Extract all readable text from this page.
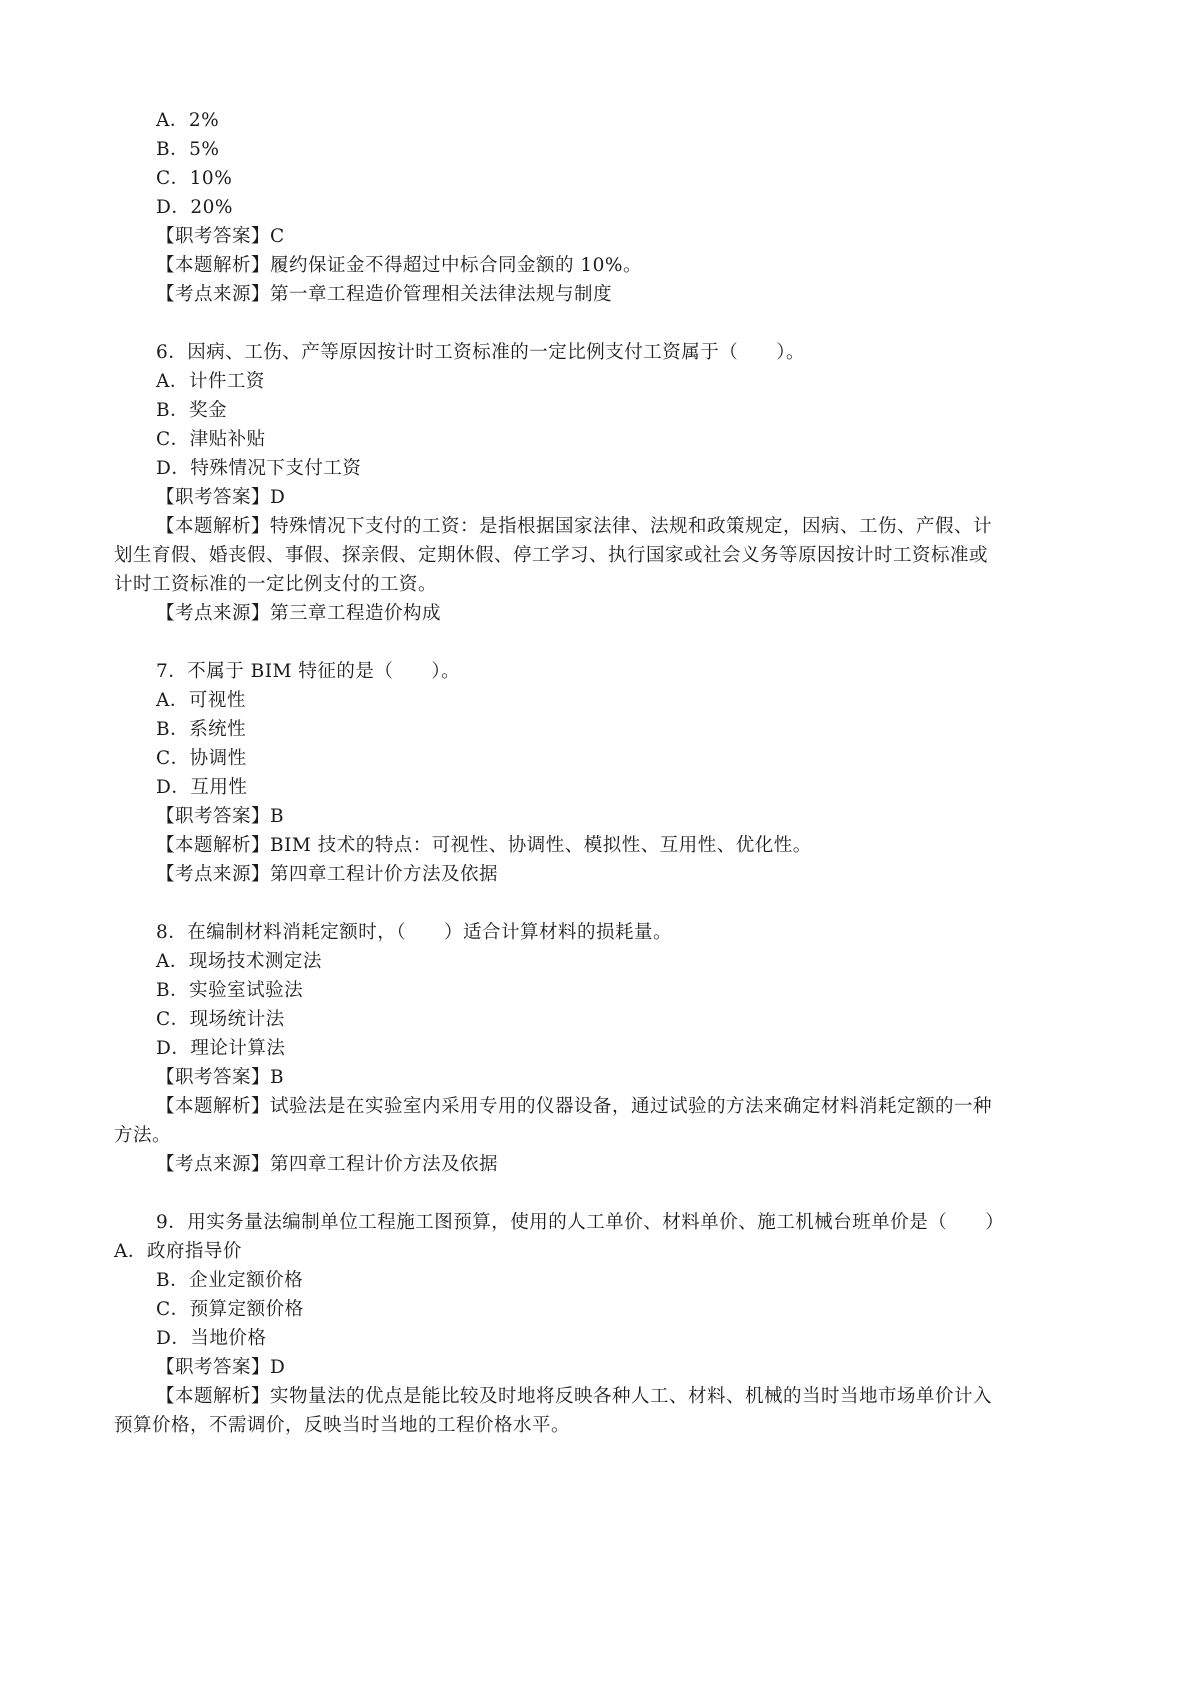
A．2%
B．5%
C．10%
D．20%
【职考答案】C
【本题解析】履约保证金不得超过中标合同金额的 10%。
【考点来源】第一章工程造价管理相关法律法规与制度
6．因病、工伤、产等原因按计时工资标准的一定比例支付工资属于（　　）。
A．计件工资
B．奖金
C．津贴补贴
D．特殊情况下支付工资
【职考答案】D
【本题解析】特殊情况下支付的工资：是指根据国家法律、法规和政策规定，因病、工伤、产假、计
划生育假、婚丧假、事假、探亲假、定期休假、停工学习、执行国家或社会义务等原因按计时工资标准或
计时工资标准的一定比例支付的工资。
【考点来源】第三章工程造价构成
7．不属于 BIM 特征的是（　　）。
A．可视性
B．系统性
C．协调性
D．互用性
【职考答案】B
【本题解析】BIM 技术的特点：可视性、协调性、模拟性、互用性、优化性。
【考点来源】第四章工程计价方法及依据
8．在编制材料消耗定额时，（　　）适合计算材料的损耗量。
A．现场技术测定法
B．实验室试验法
C．现场统计法
D．理论计算法
【职考答案】B
【本题解析】试验法是在实验室内采用专用的仪器设备，通过试验的方法来确定材料消耗定额的一种
方法。
【考点来源】第四章工程计价方法及依据
9．用实务量法编制单位工程施工图预算，使用的人工单价、材料单价、施工机械台班单价是（　　）
A．政府指导价
B．企业定额价格
C．预算定额价格
D．当地价格
【职考答案】D
【本题解析】实物量法的优点是能比较及时地将反映各种人工、材料、机械的当时当地市场单价计入
预算价格，不需调价，反映当时当地的工程价格水平。
